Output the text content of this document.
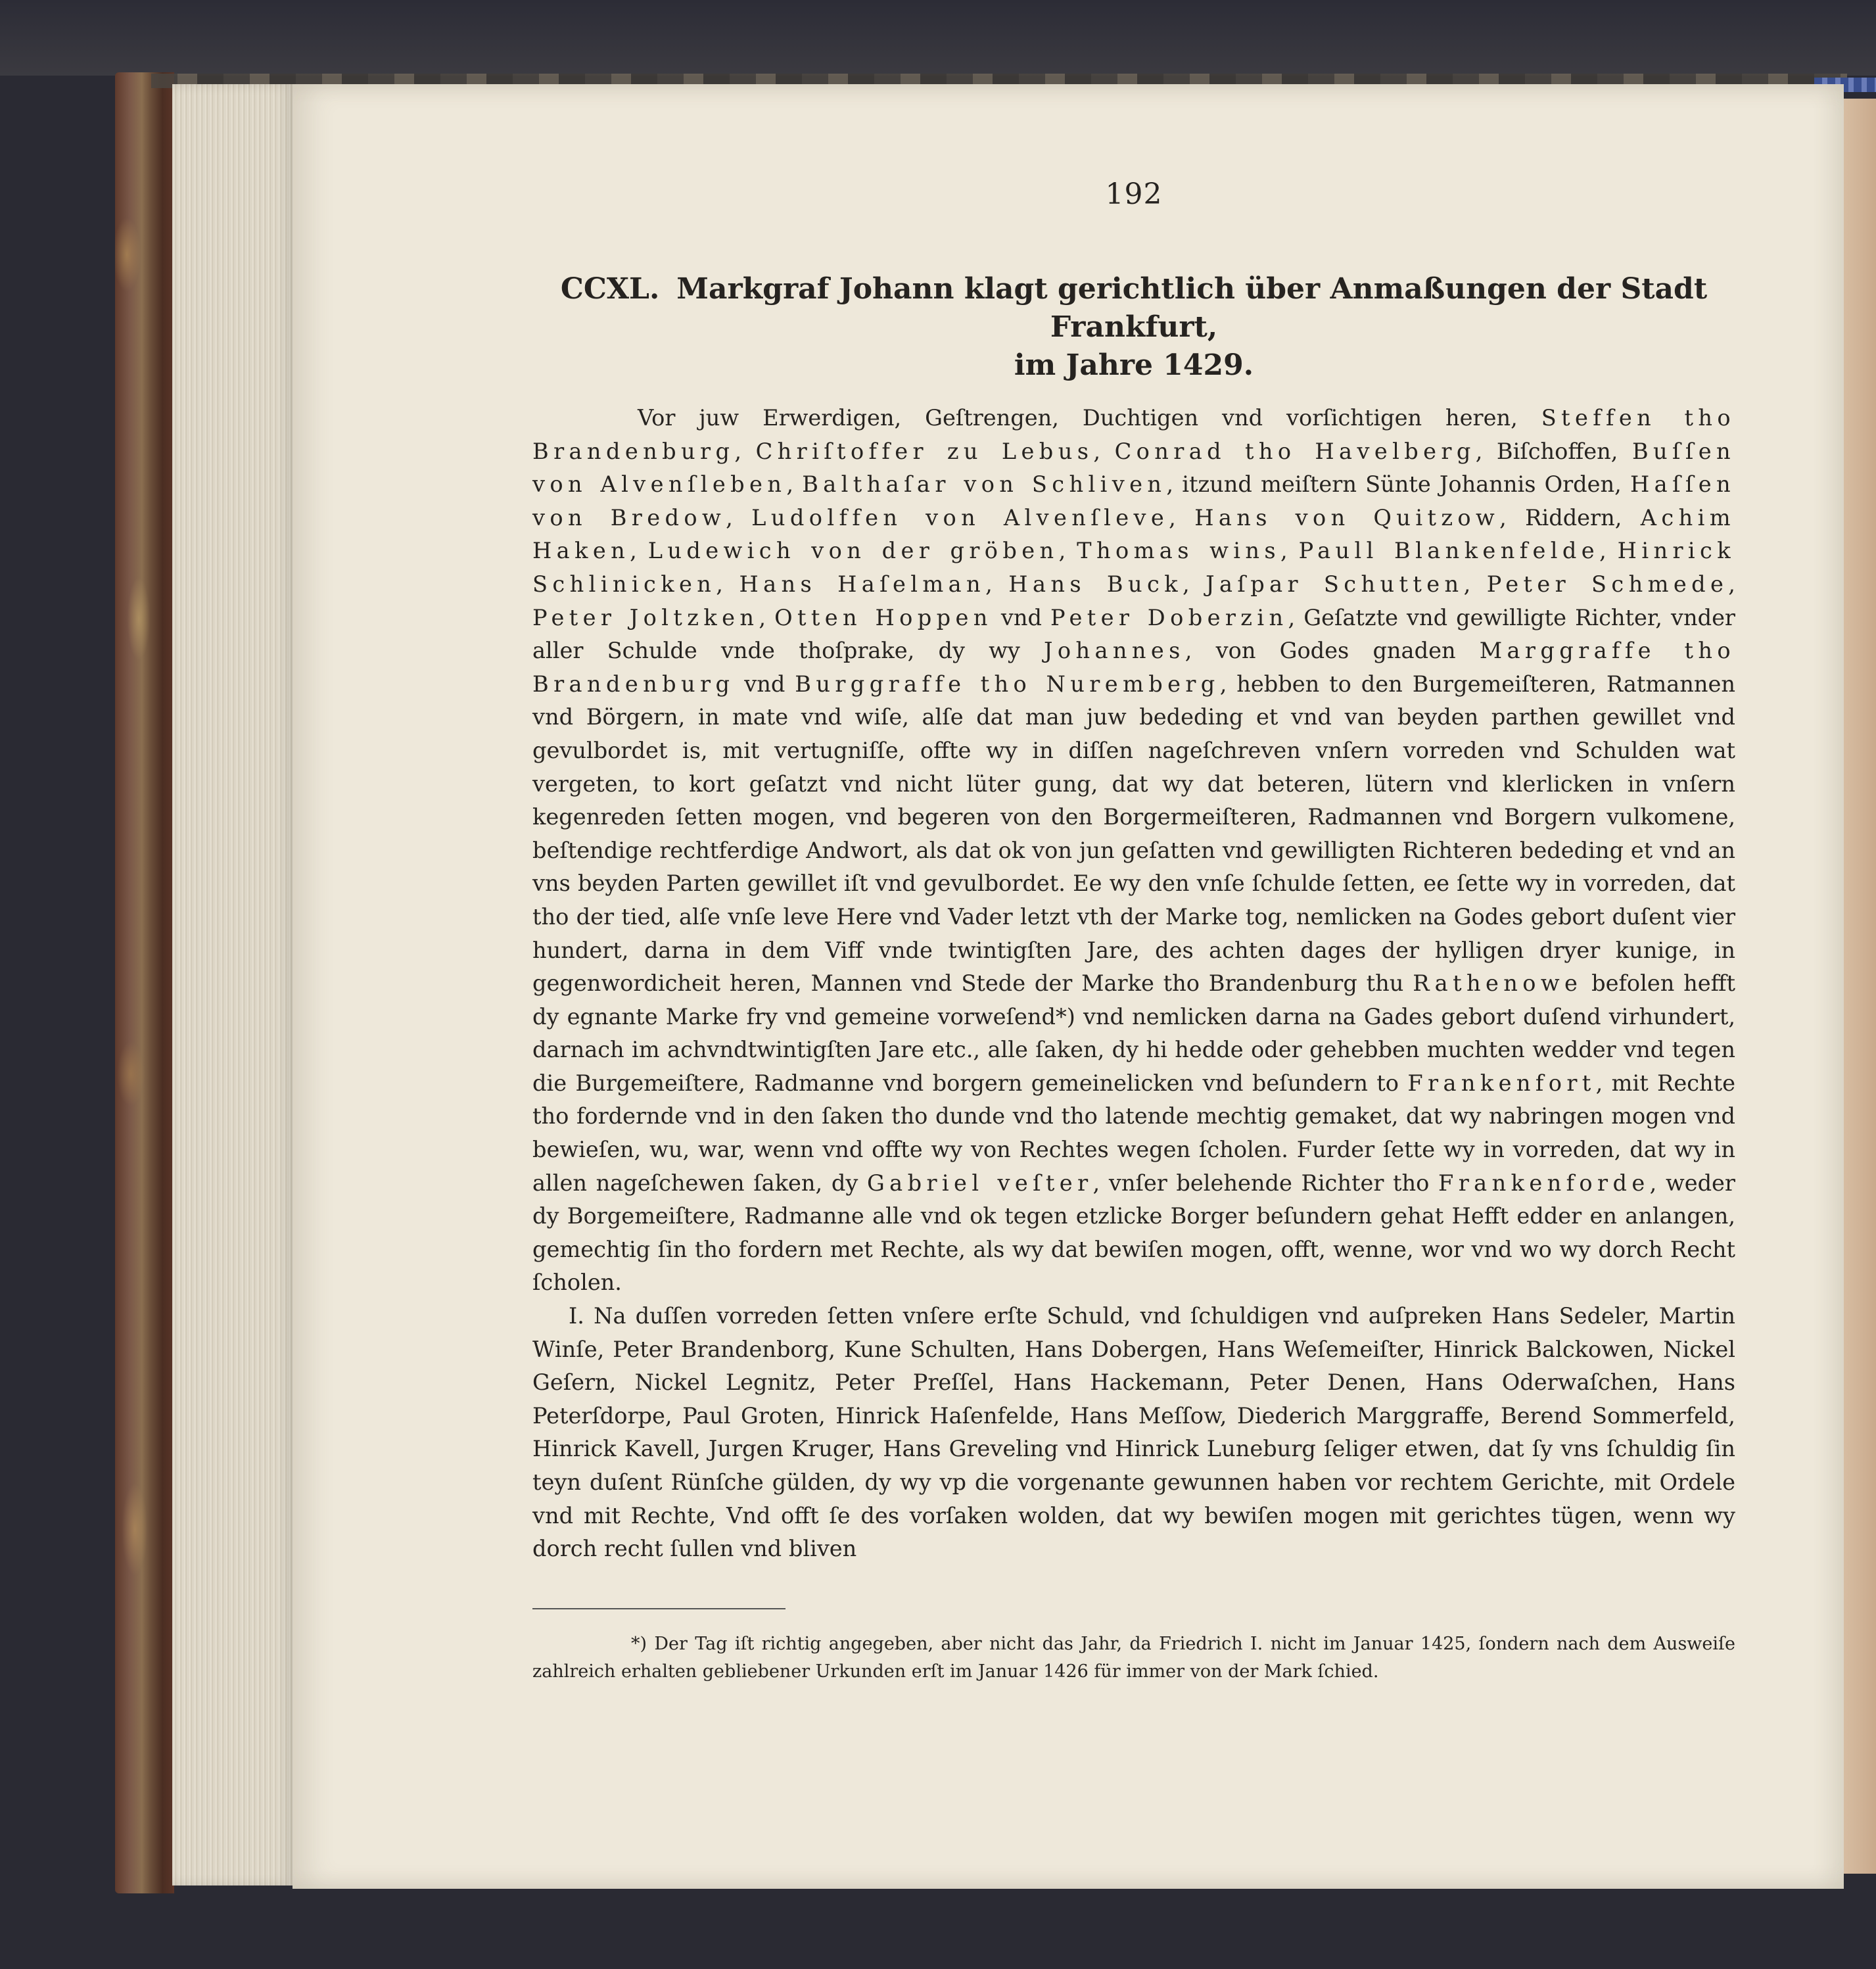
192
CCXL. Markgraf Johann klagt gerichtlich über Anmaßungen der Stadt Frankfurt,
im Jahre 1429.

Vor juw Erwerdigen, Geſtrengen, Duchtigen vnd vorſichtigen heren, Steffen tho Brandenburg, Chriſtoffer zu Lebus, Conrad tho Havelberg, Biſchoffen, Buſſen von Alvenſleben, Balthaſar von Schliven, itzund meiſtern Sünte Johannis Orden, Haſſen von Bredow, Ludolffen von Alvenſleve, Hans von Quitzow, Riddern, Achim Haken, Ludewich von der gröben, Thomas wins, Paull Blankenfelde, Hinrick Schlinicken, Hans Haſelman, Hans Buck, Jaſpar Schutten, Peter Schmede, Peter Joltzken, Otten Hoppen vnd Peter Doberzin, Geſatzte vnd gewilligte Richter, vnder aller Schulde vnde thoſprake, dy wy Johannes, von Godes gnaden Marggraffe tho Brandenburg vnd Burggraffe tho Nuremberg, hebben to den Burgemeiſteren, Ratmannen vnd Börgern, in mate vnd wiſe, alſe dat man juw bededing et vnd van beyden parthen gewillet vnd gevulbordet is, mit vertugniſſe, offte wy in diſſen nageſchreven vnſern vorreden vnd Schulden wat vergeten, to kort geſatzt vnd nicht lüter gung, dat wy dat beteren, lütern vnd klerlicken in vnſern kegenreden ſetten mogen, vnd begeren von den Borgermeiſteren, Radmannen vnd Borgern vulkomene, beſtendige rechtferdige Andwort, als dat ok von jun geſatten vnd gewilligten Richteren bededing et vnd an vns beyden Parten gewillet iſt vnd gevulbordet. Ee wy den vnſe ſchulde ſetten, ee ſette wy in vorreden, dat tho der tied, alſe vnſe leve Here vnd Vader letzt vth der Marke tog, nemlicken na Godes gebort duſent vier hundert, darna in dem Viff vnde twintigſten Jare, des achten dages der hylligen dryer kunige, in gegenwordicheit heren, Mannen vnd Stede der Marke tho Brandenburg thu Rathenowe befolen hefft dy egnante Marke fry vnd gemeine vorweſend*) vnd nemlicken darna na Gades gebort duſend virhundert, darnach im achvndtwintigſten Jare etc., alle ſaken, dy hi hedde oder gehebben muchten wedder vnd tegen die Burgemeiſtere, Radmanne vnd borgern gemeinelicken vnd beſundern to Frankenfort, mit Rechte tho fordernde vnd in den ſaken tho dunde vnd tho latende mechtig gemaket, dat wy nabringen mogen vnd bewieſen, wu, war, wenn vnd offte wy von Rechtes wegen ſcholen. Furder ſette wy in vorreden, dat wy in allen nageſchewen ſaken, dy Gabriel veſter, vnſer belehende Richter tho Frankenforde, weder dy Borgemeiſtere, Radmanne alle vnd ok tegen etzlicke Borger beſundern gehat Hefft edder en anlangen, gemechtig ſin tho fordern met Rechte, als wy dat bewiſen mogen, offt, wenne, wor vnd wo wy dorch Recht ſcholen.

I. Na duſſen vorreden ſetten vnſere erſte Schuld, vnd ſchuldigen vnd auſpreken Hans Sedeler, Martin Winſe, Peter Brandenborg, Kune Schulten, Hans Dobergen, Hans Weſemeiſter, Hinrick Balckowen, Nickel Geſern, Nickel Legnitz, Peter Preſſel, Hans Hackemann, Peter Denen, Hans Oderwaſchen, Hans Peterſdorpe, Paul Groten, Hinrick Haſenfelde, Hans Meſſow, Diederich Marggraffe, Berend Sommerfeld, Hinrick Kavell, Jurgen Kruger, Hans Greveling vnd Hinrick Luneburg ſeliger etwen, dat ſy vns ſchuldig ſin teyn duſent Rünſche gülden, dy wy vp die vorgenante gewunnen haben vor rechtem Gerichte, mit Ordele vnd mit Rechte, Vnd offt ſe des vorſaken wolden, dat wy bewiſen mogen mit gerichtes tügen, wenn wy dorch recht ſullen vnd bliven

*) Der Tag iſt richtig angegeben, aber nicht das Jahr, da Friedrich I. nicht im Januar 1425, ſondern nach dem Ausweiſe zahlreich erhalten gebliebener Urkunden erſt im Januar 1426 für immer von der Mark ſchied.
